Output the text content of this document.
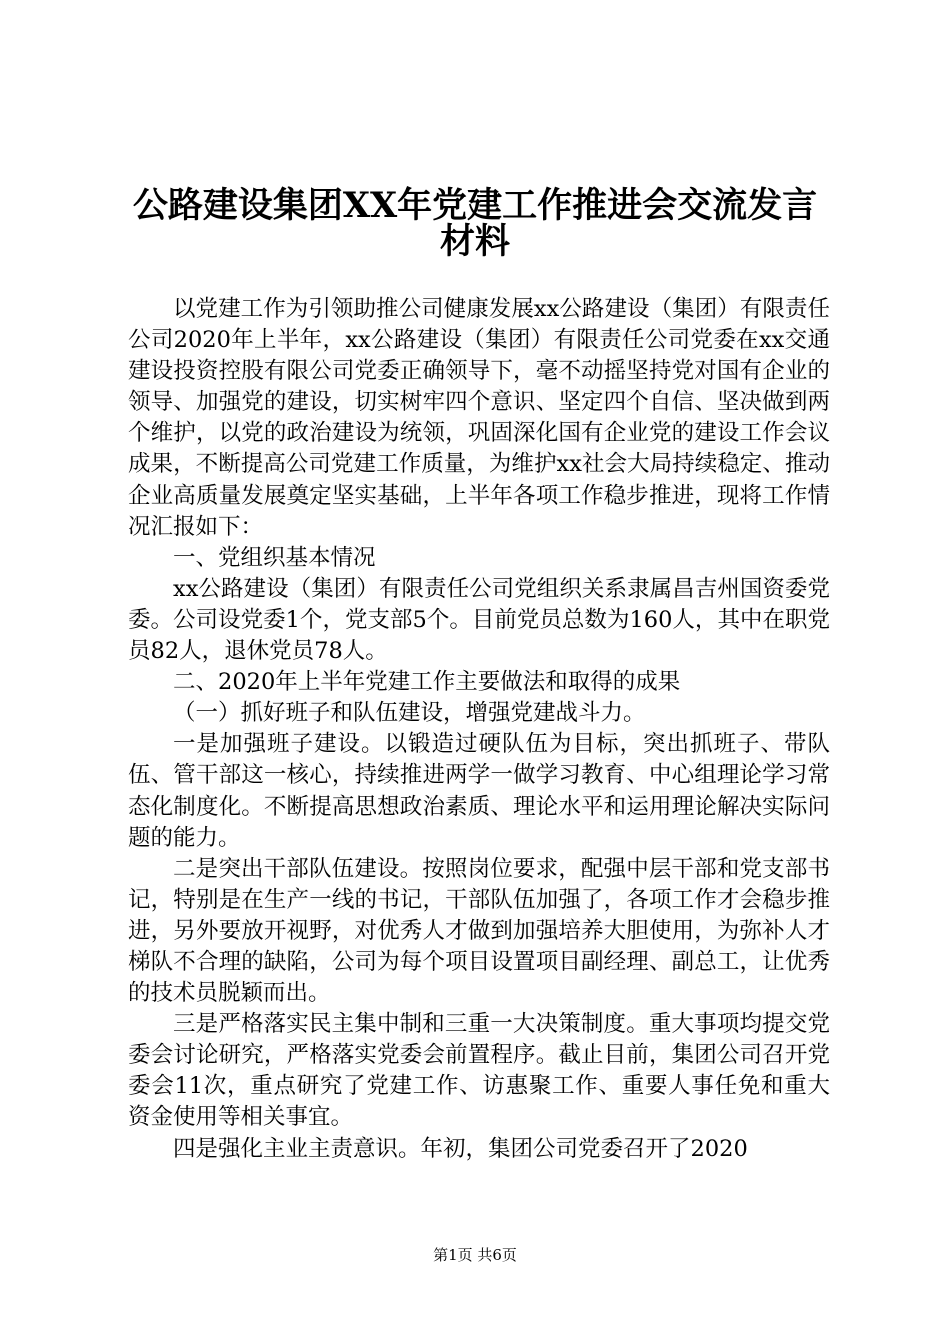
公路建设集团XX年党建工作推进会交流发言
材料

以党建工作为引领助推公司健康发展xx公路建设（集团）有限责任公司2020年上半年，xx公路建设（集团）有限责任公司党委在xx交通建设投资控股有限公司党委正确领导下，毫不动摇坚持党对国有企业的领导、加强党的建设，切实树牢四个意识、坚定四个自信、坚决做到两个维护，以党的政治建设为统领，巩固深化国有企业党的建设工作会议成果，不断提高公司党建工作质量，为维护xx社会大局持续稳定、推动企业高质量发展奠定坚实基础，上半年各项工作稳步推进，现将工作情况汇报如下：

一、党组织基本情况

xx公路建设（集团）有限责任公司党组织关系隶属昌吉州国资委党委。公司设党委1个，党支部5个。目前党员总数为160人，其中在职党员82人，退休党员78人。

二、2020年上半年党建工作主要做法和取得的成果

（一）抓好班子和队伍建设，增强党建战斗力。

一是加强班子建设。以锻造过硬队伍为目标，突出抓班子、带队伍、管干部这一核心，持续推进两学一做学习教育、中心组理论学习常态化制度化。不断提高思想政治素质、理论水平和运用理论解决实际问题的能力。

二是突出干部队伍建设。按照岗位要求，配强中层干部和党支部书记，特别是在生产一线的书记，干部队伍加强了，各项工作才会稳步推进，另外要放开视野，对优秀人才做到加强培养大胆使用，为弥补人才梯队不合理的缺陷，公司为每个项目设置项目副经理、副总工，让优秀的技术员脱颖而出。

三是严格落实民主集中制和三重一大决策制度。重大事项均提交党委会讨论研究，严格落实党委会前置程序。截止目前，集团公司召开党委会11次，重点研究了党建工作、访惠聚工作、重要人事任免和重大资金使用等相关事宜。

四是强化主业主责意识。年初，集团公司党委召开了2020

第1页 共6页
